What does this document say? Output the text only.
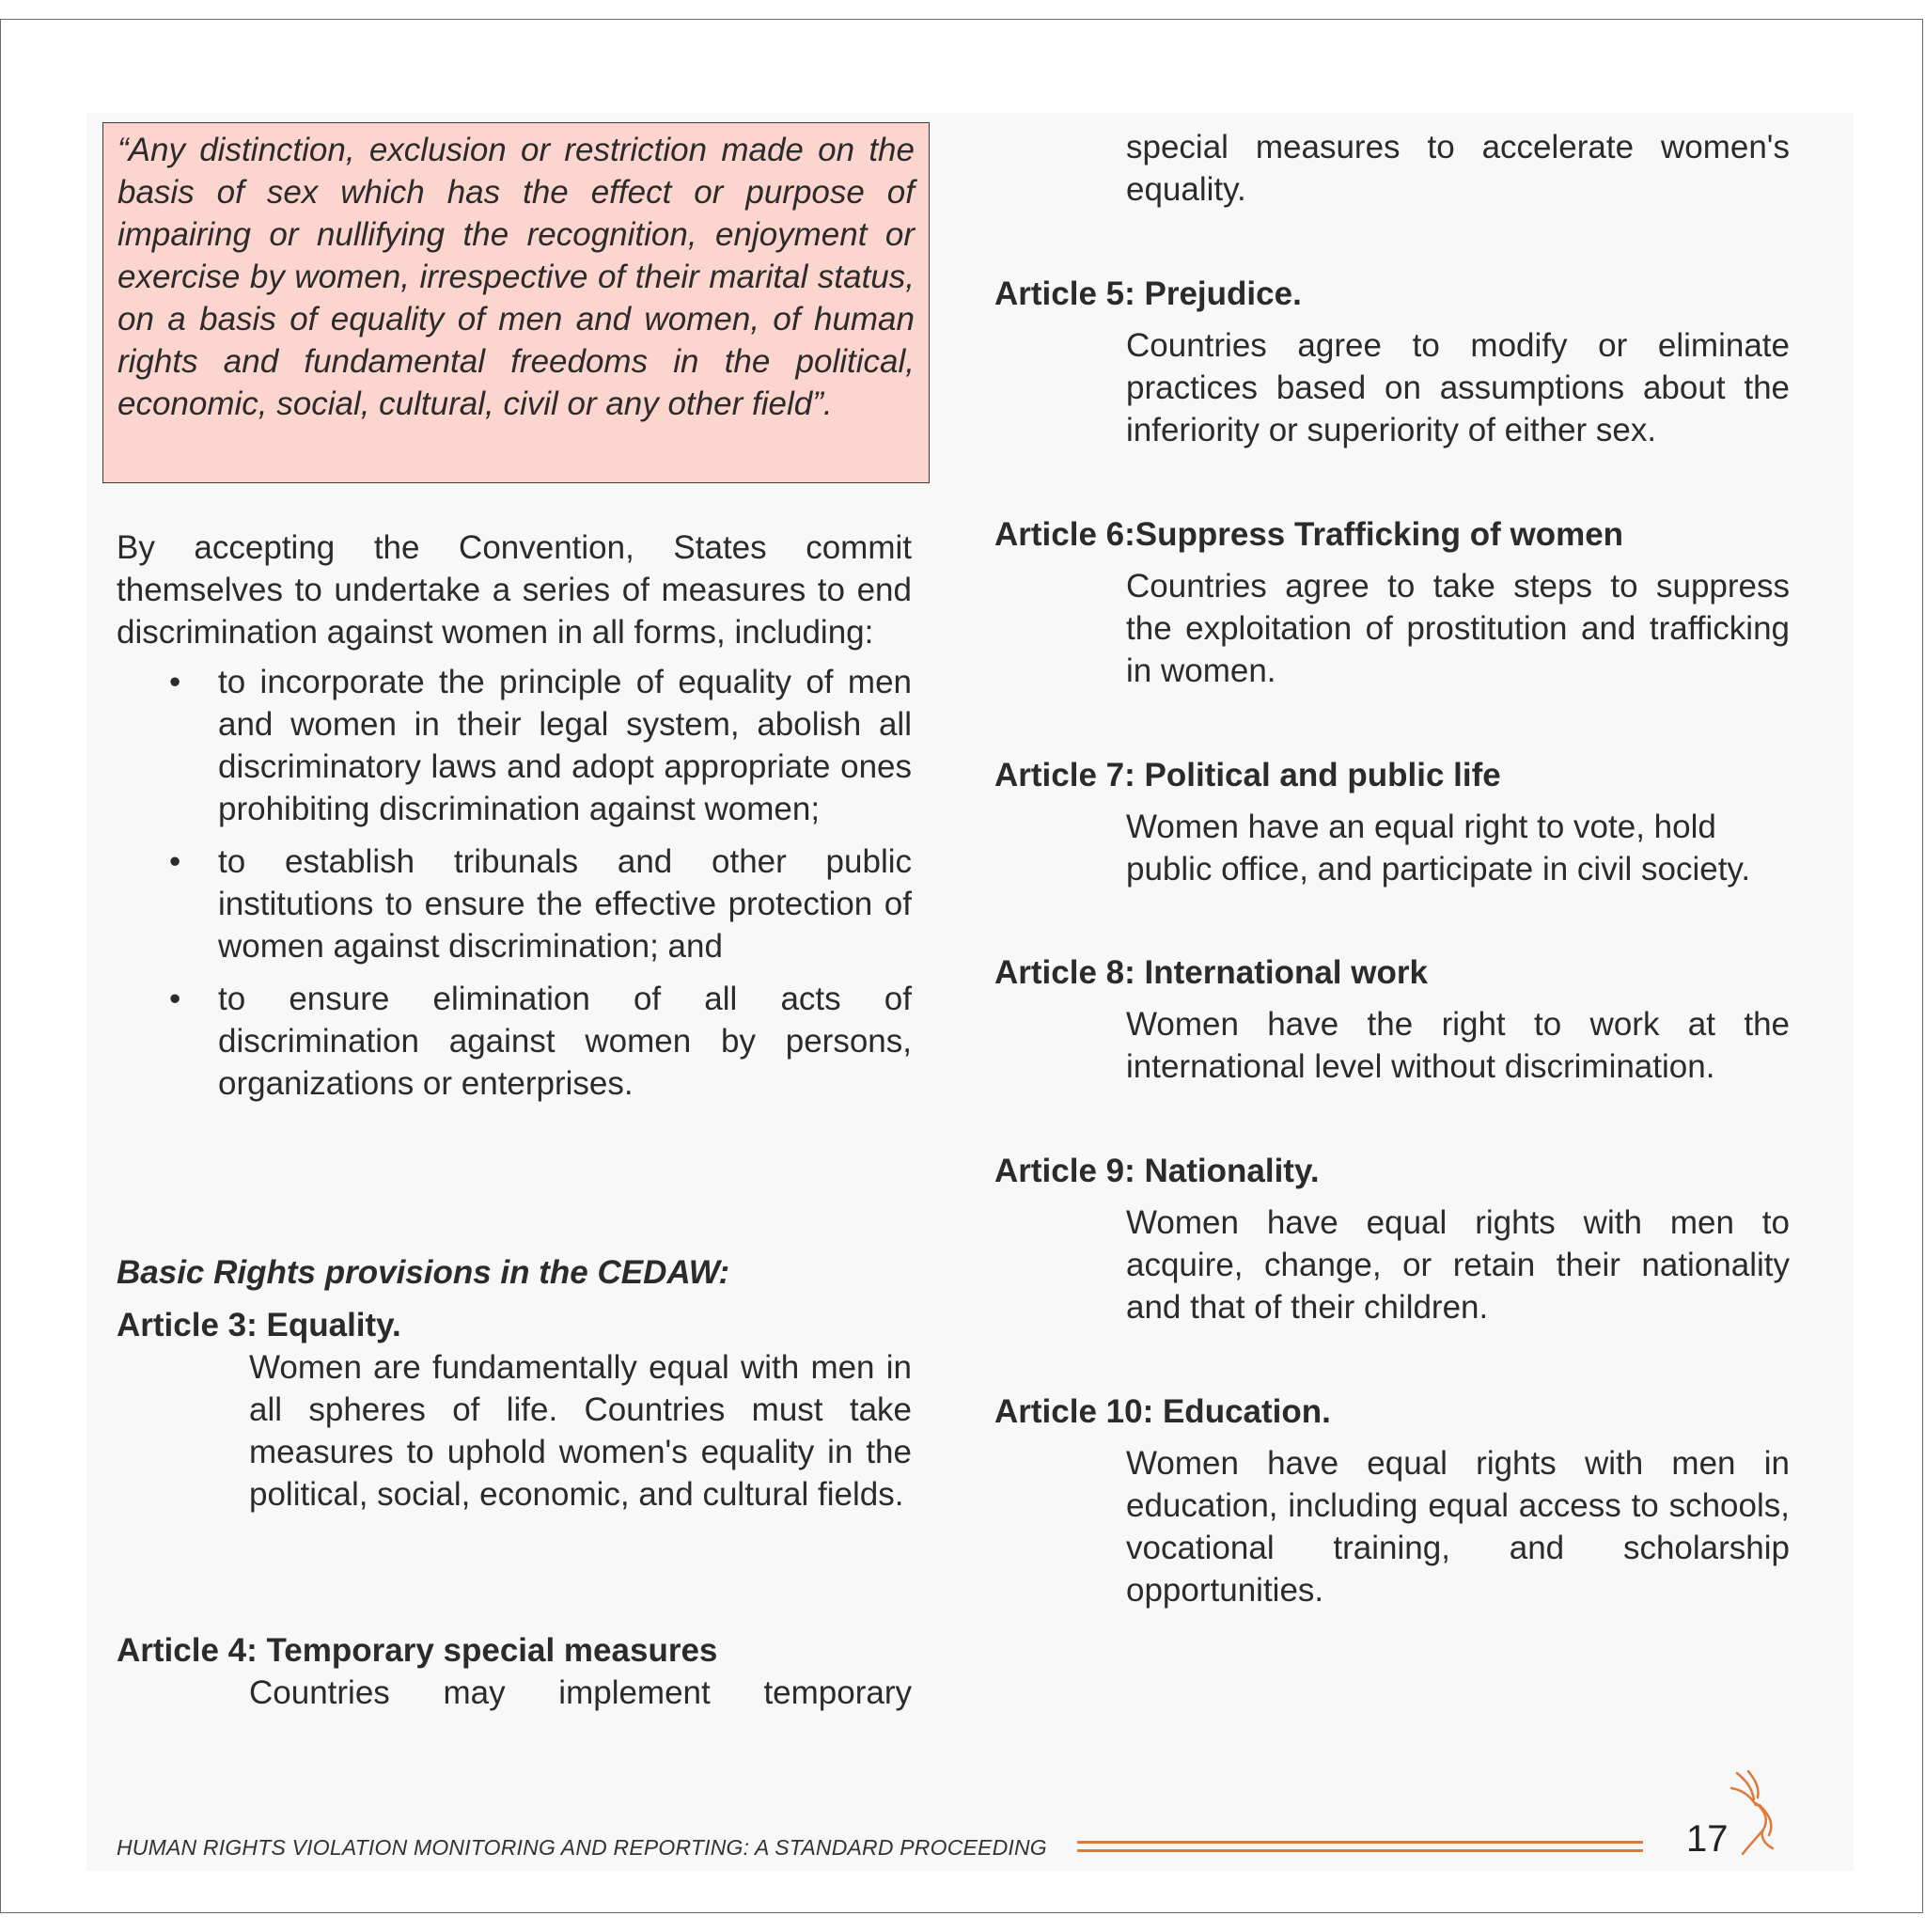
“Any distinction, exclusion or restriction made on the basis of sex which has the effect or purpose of impairing or nullifying the recognition, enjoyment or exercise by women, irrespective of their marital status, on a basis of equality of men and women, of human rights and fundamental freedoms in the political, economic, social, cultural, civil or any other field”.

By accepting the Convention, States commit themselves to undertake a series of measures to end discrimination against women in all forms, including:

• to incorporate the principle of equality of men and women in their legal system, abolish all discriminatory laws and adopt appropriate ones prohibiting discrimination against women;
• to establish tribunals and other public institutions to ensure the effective protection of women against discrimination; and
• to ensure elimination of all acts of discrimination against women by persons, organizations or enterprises.

Basic Rights provisions in the CEDAW:

Article 3: Equality.

Women are fundamentally equal with men in all spheres of life. Countries must take measures to uphold women's equality in the political, social, economic, and cultural fields.

Article 4: Temporary special measures

Countries may implement temporary

special measures to accelerate women's equality.

Article 5: Prejudice.

Countries agree to modify or eliminate practices based on assumptions about the inferiority or superiority of either sex.

Article 6:Suppress Trafficking of women

Countries agree to take steps to suppress the exploitation of prostitution and trafficking in women.

Article 7: Political and public life

Women have an equal right to vote, hold public office, and participate in civil society.

Article 8: International work

Women have the right to work at the international level without discrimination.

Article 9: Nationality.

Women have equal rights with men to acquire, change, or retain their nationality and that of their children.

Article 10: Education.

Women have equal rights with men in education, including equal access to schools, vocational training, and scholarship opportunities.

HUMAN RIGHTS VIOLATION MONITORING AND REPORTING: A STANDARD PROCEEDING	17
